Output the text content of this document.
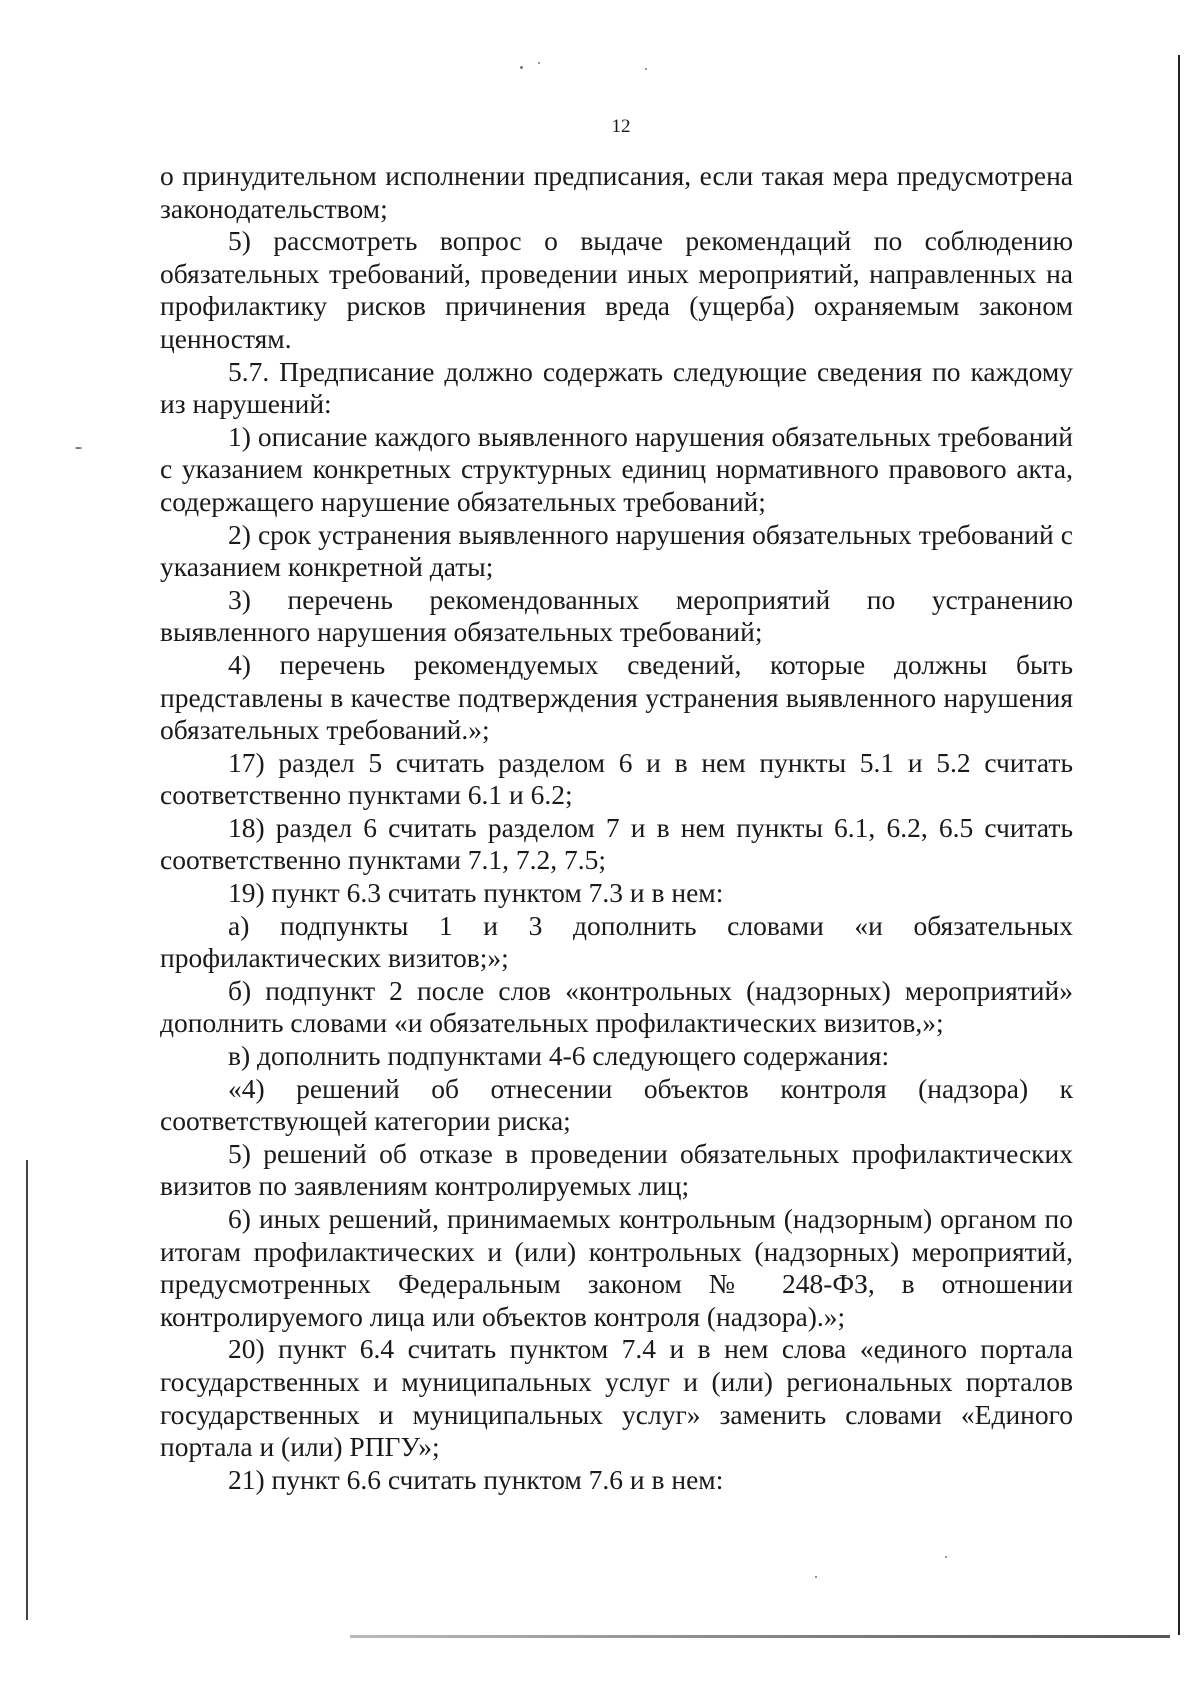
12

о принудительном исполнении предписания, если такая мера предусмотрена законодательством;

5) рассмотреть вопрос о выдаче рекомендаций по соблюдению обязательных требований, проведении иных мероприятий, направленных на профилактику рисков причинения вреда (ущерба) охраняемым законом ценностям.

5.7. Предписание должно содержать следующие сведения по каждому из нарушений:

1) описание каждого выявленного нарушения обязательных требований с указанием конкретных структурных единиц нормативного правового акта, содержащего нарушение обязательных требований;

2) срок устранения выявленного нарушения обязательных требований с указанием конкретной даты;

3) перечень рекомендованных мероприятий по устранению выявленного нарушения обязательных требований;

4) перечень рекомендуемых сведений, которые должны быть представлены в качестве подтверждения устранения выявленного нарушения обязательных требований.»;

17) раздел 5 считать разделом 6 и в нем пункты 5.1 и 5.2 считать соответственно пунктами 6.1 и 6.2;

18) раздел 6 считать разделом 7 и в нем пункты 6.1, 6.2, 6.5 считать соответственно пунктами 7.1, 7.2, 7.5;

19) пункт 6.3 считать пунктом 7.3 и в нем:

а) подпункты 1 и 3 дополнить словами «и обязательных профилактических визитов;»;

б) подпункт 2 после слов «контрольных (надзорных) мероприятий» дополнить словами «и обязательных профилактических визитов,»;

в) дополнить подпунктами 4-6 следующего содержания:

«4) решений об отнесении объектов контроля (надзора) к соответствующей категории риска;

5) решений об отказе в проведении обязательных профилактических визитов по заявлениям контролируемых лиц;

6) иных решений, принимаемых контрольным (надзорным) органом по итогам профилактических и (или) контрольных (надзорных) мероприятий, предусмотренных Федеральным законом № 248-ФЗ, в отношении контролируемого лица или объектов контроля (надзора).»;

20) пункт 6.4 считать пунктом 7.4 и в нем слова «единого портала государственных и муниципальных услуг и (или) региональных порталов государственных и муниципальных услуг» заменить словами «Единого портала и (или) РПГУ»;

21) пункт 6.6 считать пунктом 7.6 и в нем:
